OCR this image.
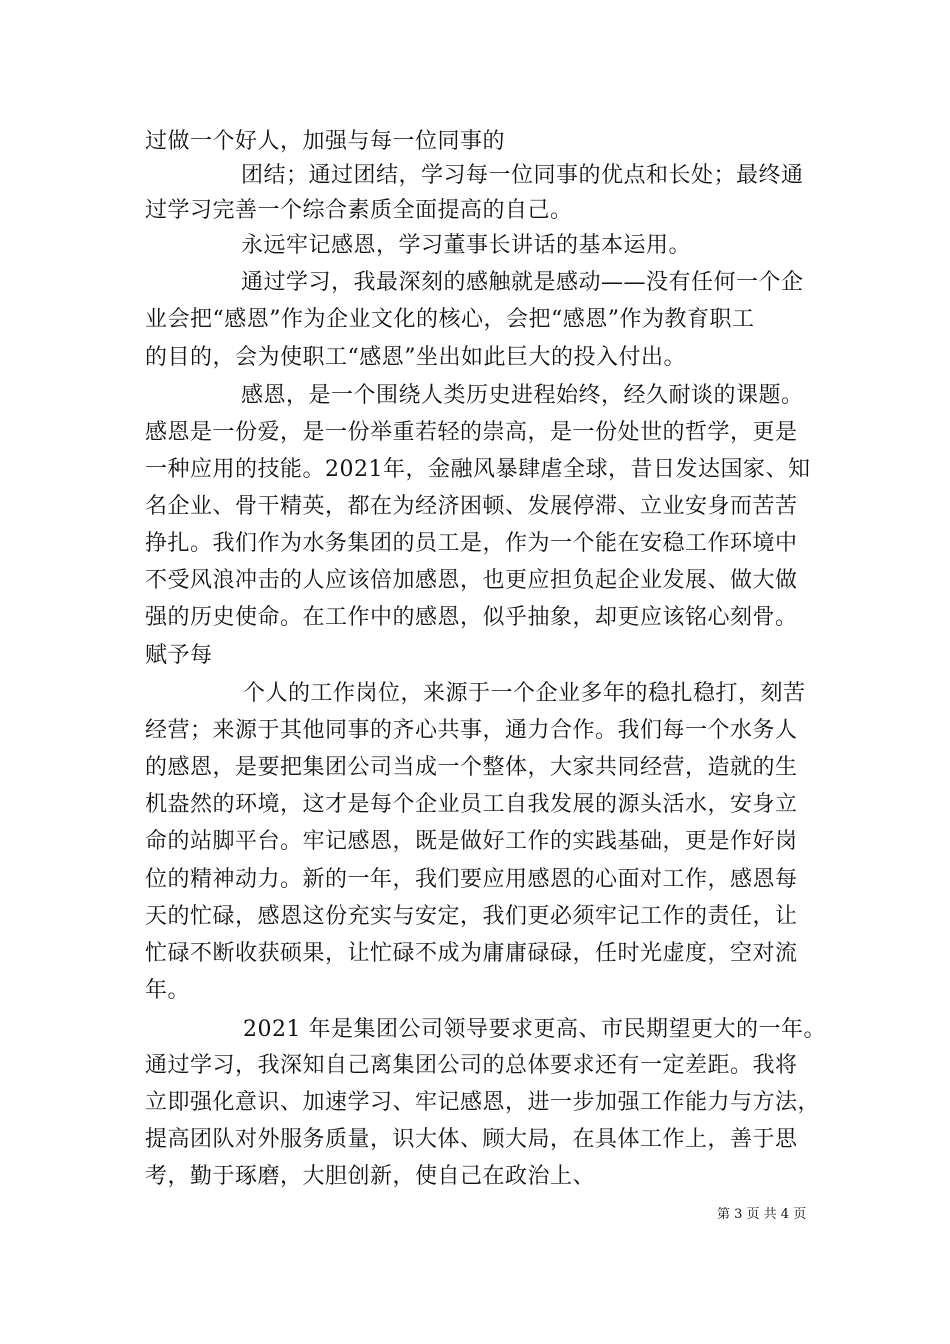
过做一个好人，加强与每一位同事的
团结；通过团结，学习每一位同事的优点和长处；最终通
过学习完善一个综合素质全面提高的自己。
永远牢记感恩，学习董事长讲话的基本运用。
通过学习，我最深刻的感触就是感动——没有任何一个企
业会把“感恩”作为企业文化的核心，会把“感恩”作为教育职工
的目的，会为使职工“感恩”坐出如此巨大的投入付出。
感恩，是一个围绕人类历史进程始终，经久耐谈的课题。
感恩是一份爱，是一份举重若轻的崇高，是一份处世的哲学，更是
一种应用的技能。2021年，金融风暴肆虐全球，昔日发达国家、知
名企业、骨干精英，都在为经济困顿、发展停滞、立业安身而苦苦
挣扎。我们作为水务集团的员工是，作为一个能在安稳工作环境中
不受风浪冲击的人应该倍加感恩，也更应担负起企业发展、做大做
强的历史使命。在工作中的感恩，似乎抽象，却更应该铭心刻骨。
赋予每
个人的工作岗位，来源于一个企业多年的稳扎稳打，刻苦
经营；来源于其他同事的齐心共事，通力合作。我们每一个水务人
的感恩，是要把集团公司当成一个整体，大家共同经营，造就的生
机盎然的环境，这才是每个企业员工自我发展的源头活水，安身立
命的站脚平台。牢记感恩，既是做好工作的实践基础，更是作好岗
位的精神动力。新的一年，我们要应用感恩的心面对工作，感恩每
天的忙碌，感恩这份充实与安定，我们更必须牢记工作的责任，让
忙碌不断收获硕果，让忙碌不成为庸庸碌碌，任时光虚度，空对流
年。
2021 年是集团公司领导要求更高、市民期望更大的一年。
通过学习，我深知自己离集团公司的总体要求还有一定差距。我将
立即强化意识、加速学习、牢记感恩，进一步加强工作能力与方法，
提高团队对外服务质量，识大体、顾大局，在具体工作上，善于思
考，勤于琢磨，大胆创新，使自己在政治上、
第 3 页 共 4 页
